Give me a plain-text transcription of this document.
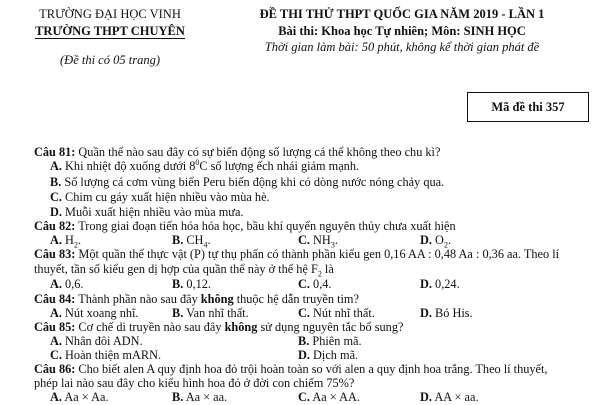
TRƯỜNG ĐẠI HỌC VINH
TRƯỜNG THPT CHUYÊN
(Đề thi có 05 trang)
ĐỀ THI THỬ THPT QUỐC GIA NĂM 2019 - LẦN 1
Bài thi: Khoa học Tự nhiên; Môn: SINH HỌC
Thời gian làm bài: 50 phút, không kể thời gian phát đề
Mã đề thi 357
Câu 81: Quần thể nào sau đây có sự biến động số lượng cá thể không theo chu kì?
A. Khi nhiệt độ xuống dưới $8^0C$ số lượng ếch nhái giảm mạnh.
B. Số lượng cá cơm vùng biển Peru biến động khi có dòng nước nóng chảy qua.
C. Chim cu gáy xuất hiện nhiều vào mùa hè.
D. Muỗi xuất hiện nhiều vào mùa mưa.
Câu 82: Trong giai đoạn tiến hóa hóa học, bầu khí quyển nguyên thủy chưa xuất hiện
A. $H_2$.	B. $CH_4$.	C. $NH_3$.	D. $O_2$.
Câu 83: Một quần thể thực vật (P) tự thụ phấn có thành phần kiểu gen 0,16 AA : 0,48 Aa : 0,36 aa. Theo lí
thuyết, tần số kiểu gen dị hợp của quần thể này ở thế hệ $F_2$ là
A. 0,6.	B. 0,12.	C. 0,4.	D. 0,24.
Câu 84: Thành phần nào sau đây không thuộc hệ dẫn truyền tim?
A. Nút xoang nhĩ.	B. Van nhĩ thất.	C. Nút nhĩ thất.	D. Bó His.
Câu 85: Cơ chế di truyền nào sau đây không sử dụng nguyên tắc bổ sung?
A. Nhân đôi ADN.	B. Phiên mã.
C. Hoàn thiện mARN.	D. Dịch mã.
Câu 86: Cho biết alen A quy định hoa đỏ trội hoàn toàn so với alen a quy định hoa trắng. Theo lí thuyết,
phép lai nào sau đây cho kiểu hình hoa đỏ ở đời con chiếm 75%?
A. Aa × Aa.	B. Aa × aa.	C. Aa × AA.	D. AA × aa.
